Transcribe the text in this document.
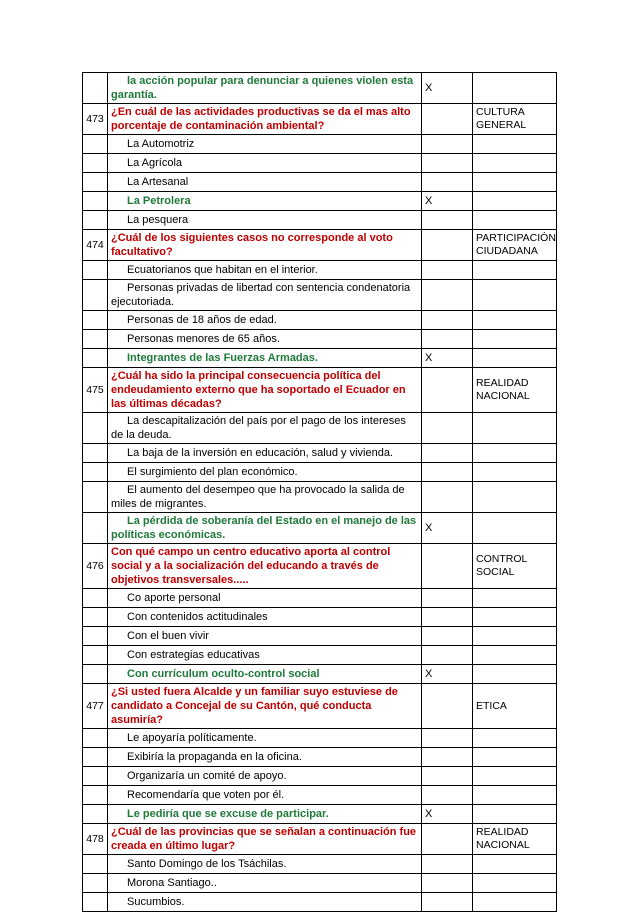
	la acción popular para denunciar a quienes violen esta garantía.	X	
473	¿En cuál de las actividades productivas se da el mas alto porcentaje de contaminación ambiental?		CULTURA GENERAL
	La Automotriz		
	La Agrícola		
	La Artesanal		
	La Petrolera	X	
	La pesquera		
474	¿Cuál de los siguientes casos no corresponde al voto facultativo?		PARTICIPACIÓN CIUDADANA
	Ecuatorianos que habitan en el interior.		
	Personas privadas de libertad con sentencia condenatoria ejecutoriada.		
	Personas de 18 años de edad.		
	Personas menores de 65 años.		
	Integrantes de las Fuerzas Armadas.	X	
475	¿Cuál ha sido la principal consecuencia política del endeudamiento externo que ha soportado el Ecuador en las últimas décadas?		REALIDAD NACIONAL
	La descapitalización del país por el pago de los intereses de la deuda.		
	La baja de la inversión en educación, salud y vivienda.		
	El surgimiento del plan económico.		
	El aumento del desempeo que ha provocado la salida de miles de migrantes.		
	La pérdida de soberanía del Estado en el manejo de las políticas económicas.	X	
476	Con qué campo un centro educativo aporta al control social y a la socialización del educando a través de objetivos transversales.....		CONTROL SOCIAL
	Co aporte personal		
	Con contenidos actitudinales		
	Con el buen vivir		
	Con estrategias educativas		
	Con currículum oculto-control social	X	
477	¿Si usted fuera Alcalde y un familiar suyo estuviese de candidato a Concejal de su Cantón, qué conducta asumiría?		ETICA
	Le apoyaría políticamente.		
	Exibiría la propaganda en la oficina.		
	Organizaría un comité de apoyo.		
	Recomendaría que voten por él.		
	Le pediría que se excuse de participar.	X	
478	¿Cuál de las provincias que se señalan a continuación fue creada en último lugar?		REALIDAD NACIONAL
	Santo Domingo de los Tsáchilas.		
	Morona Santiago..		
	Sucumbios.		
